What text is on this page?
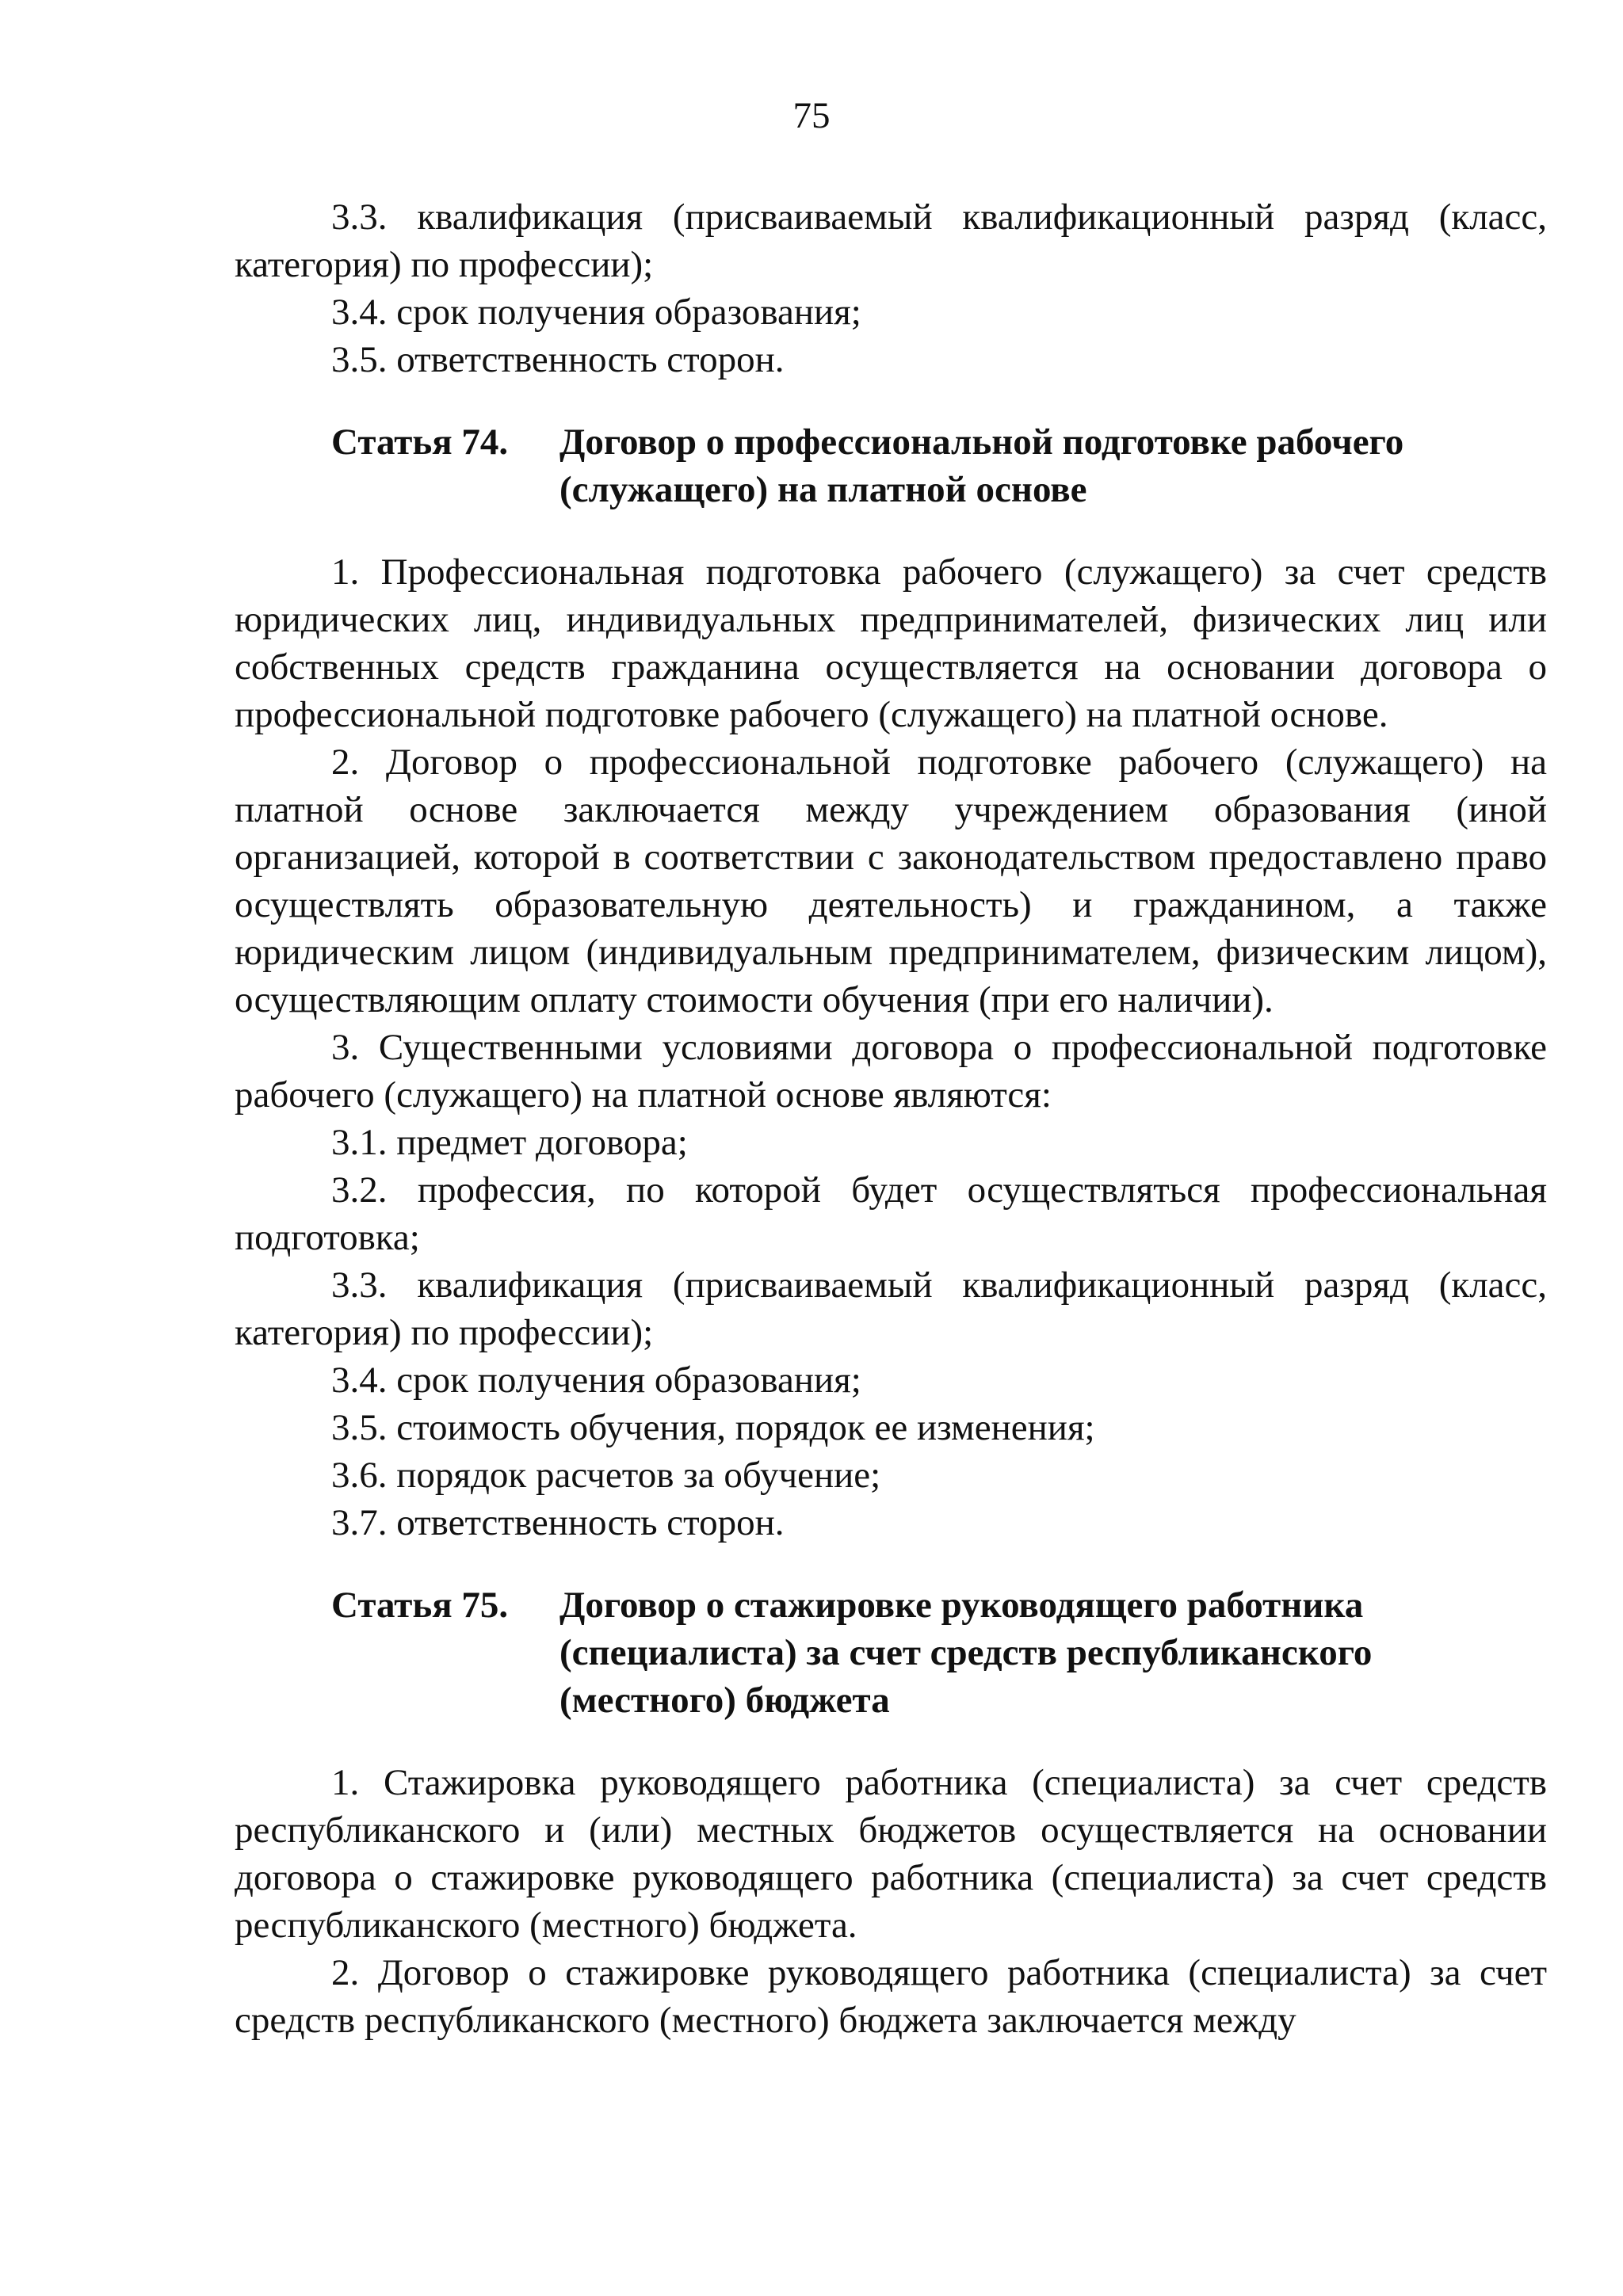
75

3.3. квалификация (присваиваемый квалификационный разряд (класс, категория) по профессии);

3.4. срок получения образования;

3.5. ответственность сторон.

Статья 74.	Договор о профессиональной подготовке рабочего (служащего) на платной основе

1. Профессиональная подготовка рабочего (служащего) за счет средств юридических лиц, индивидуальных предпринимателей, физических лиц или собственных средств гражданина осуществляется на основании договора о профессиональной подготовке рабочего (служащего) на платной основе.

2. Договор о профессиональной подготовке рабочего (служащего) на платной основе заключается между учреждением образования (иной организацией, которой в соответствии с законодательством предоставлено право осуществлять образовательную деятельность) и гражданином, а также юридическим лицом (индивидуальным предпринимателем, физическим лицом), осуществляющим оплату стоимости обучения (при его наличии).

3. Существенными условиями договора о профессиональной подготовке рабочего (служащего) на платной основе являются:

3.1. предмет договора;

3.2. профессия, по которой будет осуществляться профессиональная подготовка;

3.3. квалификация (присваиваемый квалификационный разряд (класс, категория) по профессии);

3.4. срок получения образования;

3.5. стоимость обучения, порядок ее изменения;

3.6. порядок расчетов за обучение;

3.7. ответственность сторон.

Статья 75.	Договор о стажировке руководящего работника (специалиста) за счет средств республиканского (местного) бюджета

1. Стажировка руководящего работника (специалиста) за счет средств республиканского и (или) местных бюджетов осуществляется на основании договора о стажировке руководящего работника (специалиста) за счет средств республиканского (местного) бюджета.

2. Договор о стажировке руководящего работника (специалиста) за счет средств республиканского (местного) бюджета заключается между
